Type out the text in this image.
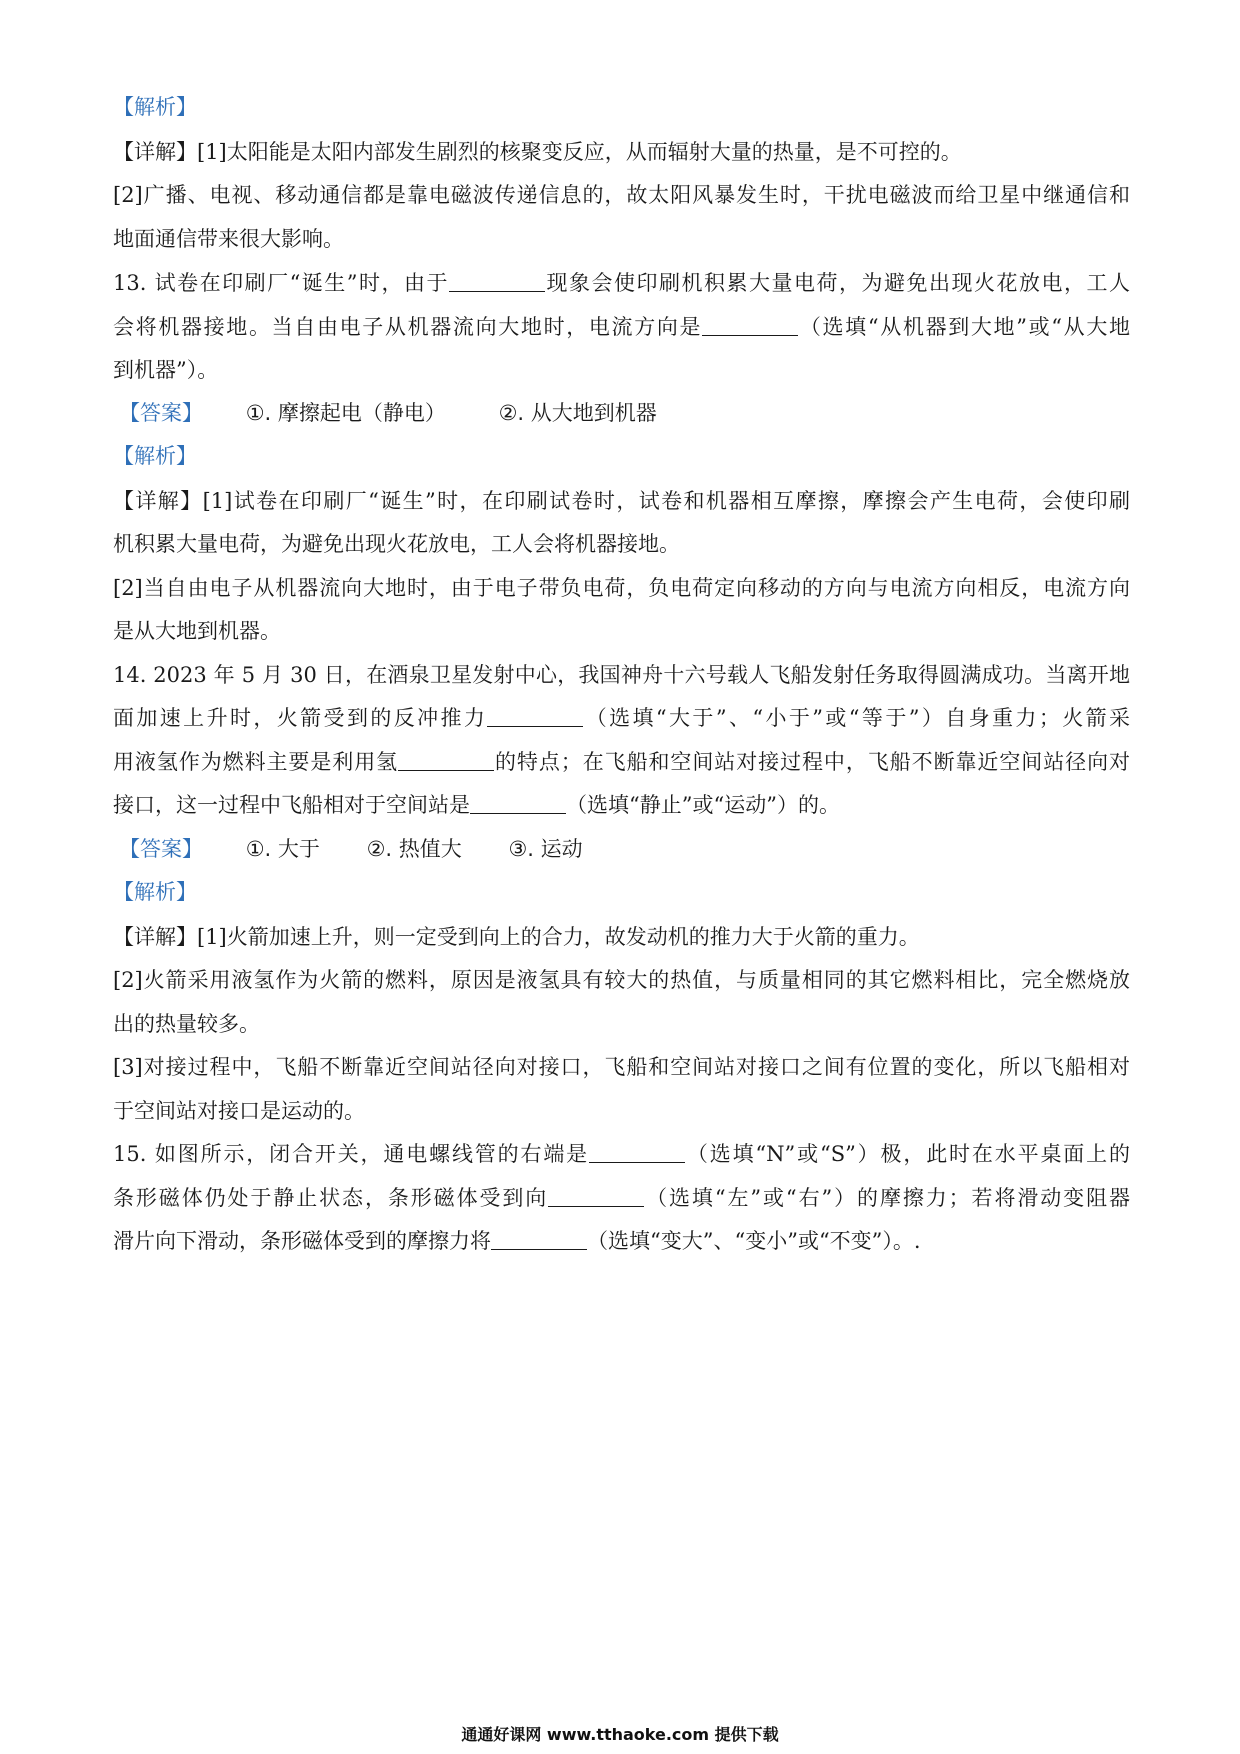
【解析】
【详解】[1]太阳能是太阳内部发生剧烈的核聚变反应，从而辐射大量的热量，是不可控的。
[2]广播、电视、移动通信都是靠电磁波传递信息的，故太阳风暴发生时，干扰电磁波而给卫星中继通信和
地面通信带来很大影响。
13. 试卷在印刷厂“诞生”时，由于	现象会使印刷机积累大量电荷，为避免出现火花放电，工人
会将机器接地。当自由电子从机器流向大地时，电流方向是	（选填“从机器到大地”或“从大地
到机器”）。
【答案】 ①. 摩擦起电（静电）	②. 从大地到机器
【解析】
【详解】[1]试卷在印刷厂“诞生”时，在印刷试卷时，试卷和机器相互摩擦，摩擦会产生电荷，会使印刷
机积累大量电荷，为避免出现火花放电，工人会将机器接地。
[2]当自由电子从机器流向大地时，由于电子带负电荷，负电荷定向移动的方向与电流方向相反，电流方向
是从大地到机器。
14. 2023 年 5 月 30 日，在酒泉卫星发射中心，我国神舟十六号载人飞船发射任务取得圆满成功。当离开地
面加速上升时，火箭受到的反冲推力	（选填“大于”、“小于”或“等于”）自身重力；火箭采
用液氢作为燃料主要是利用氢	的特点；在飞船和空间站对接过程中，飞船不断靠近空间站径向对
接口，这一过程中飞船相对于空间站是	（选填“静止”或“运动”）的。
【答案】 ①. 大于 ②. 热值大 ③. 运动
【解析】
【详解】[1]火箭加速上升，则一定受到向上的合力，故发动机的推力大于火箭的重力。
[2]火箭采用液氢作为火箭的燃料，原因是液氢具有较大的热值，与质量相同的其它燃料相比，完全燃烧放
出的热量较多。
[3]对接过程中，飞船不断靠近空间站径向对接口，飞船和空间站对接口之间有位置的变化，所以飞船相对
于空间站对接口是运动的。
15. 如图所示，闭合开关，通电螺线管的右端是	（选填“N”或“S”）极，此时在水平桌面上的
条形磁体仍处于静止状态，条形磁体受到向	（选填“左”或“右”）的摩擦力；若将滑动变阻器
滑片向下滑动，条形磁体受到的摩擦力将	（选填“变大”、“变小”或“不变”）。.
通通好课网 www.tthaoke.com 提供下载
